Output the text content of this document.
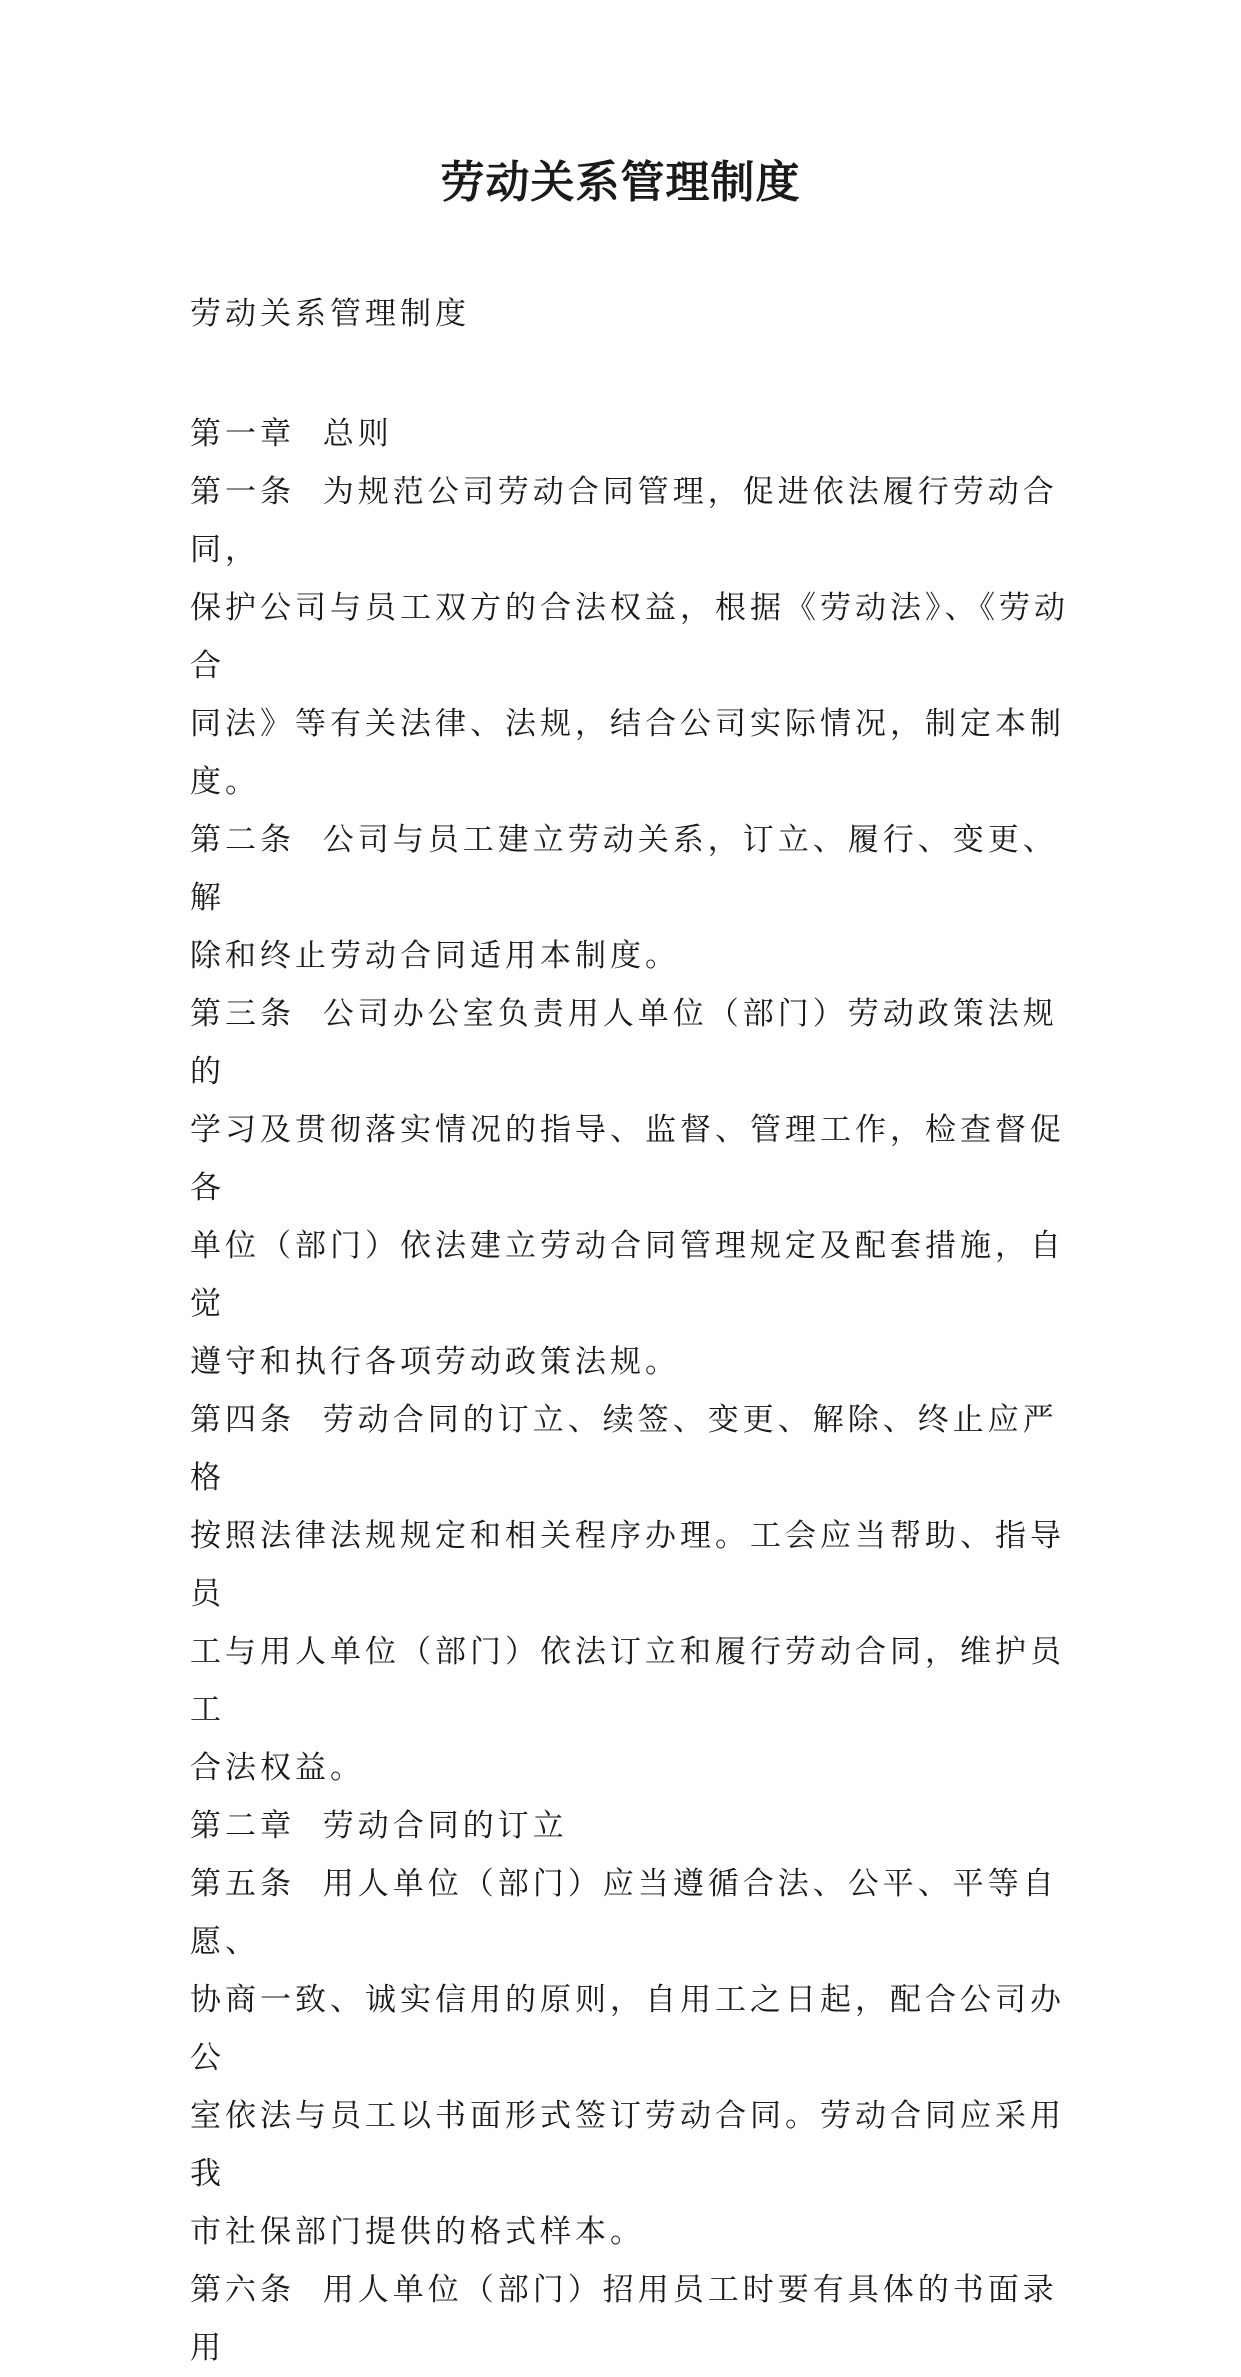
劳动关系管理制度
劳动关系管理制度

第一章  总则

第一条  为规范公司劳动合同管理，促进依法履行劳动合同，

保护公司与员工双方的合法权益，根据《劳动法》、《劳动合

同法》等有关法律、法规，结合公司实际情况，制定本制度。

第二条  公司与员工建立劳动关系，订立、履行、变更、解

除和终止劳动合同适用本制度。

第三条  公司办公室负责用人单位（部门）劳动政策法规的

学习及贯彻落实情况的指导、监督、管理工作，检查督促各

单位（部门）依法建立劳动合同管理规定及配套措施，自觉

遵守和执行各项劳动政策法规。

第四条  劳动合同的订立、续签、变更、解除、终止应严格

按照法律法规规定和相关程序办理。工会应当帮助、指导员

工与用人单位（部门）依法订立和履行劳动合同，维护员工

合法权益。

第二章  劳动合同的订立

第五条  用人单位（部门）应当遵循合法、公平、平等自愿、

协商一致、诚实信用的原则，自用工之日起，配合公司办公

室依法与员工以书面形式签订劳动合同。劳动合同应采用我

市社保部门提供的格式样本。

第六条  用人单位（部门）招用员工时要有具体的书面录用
